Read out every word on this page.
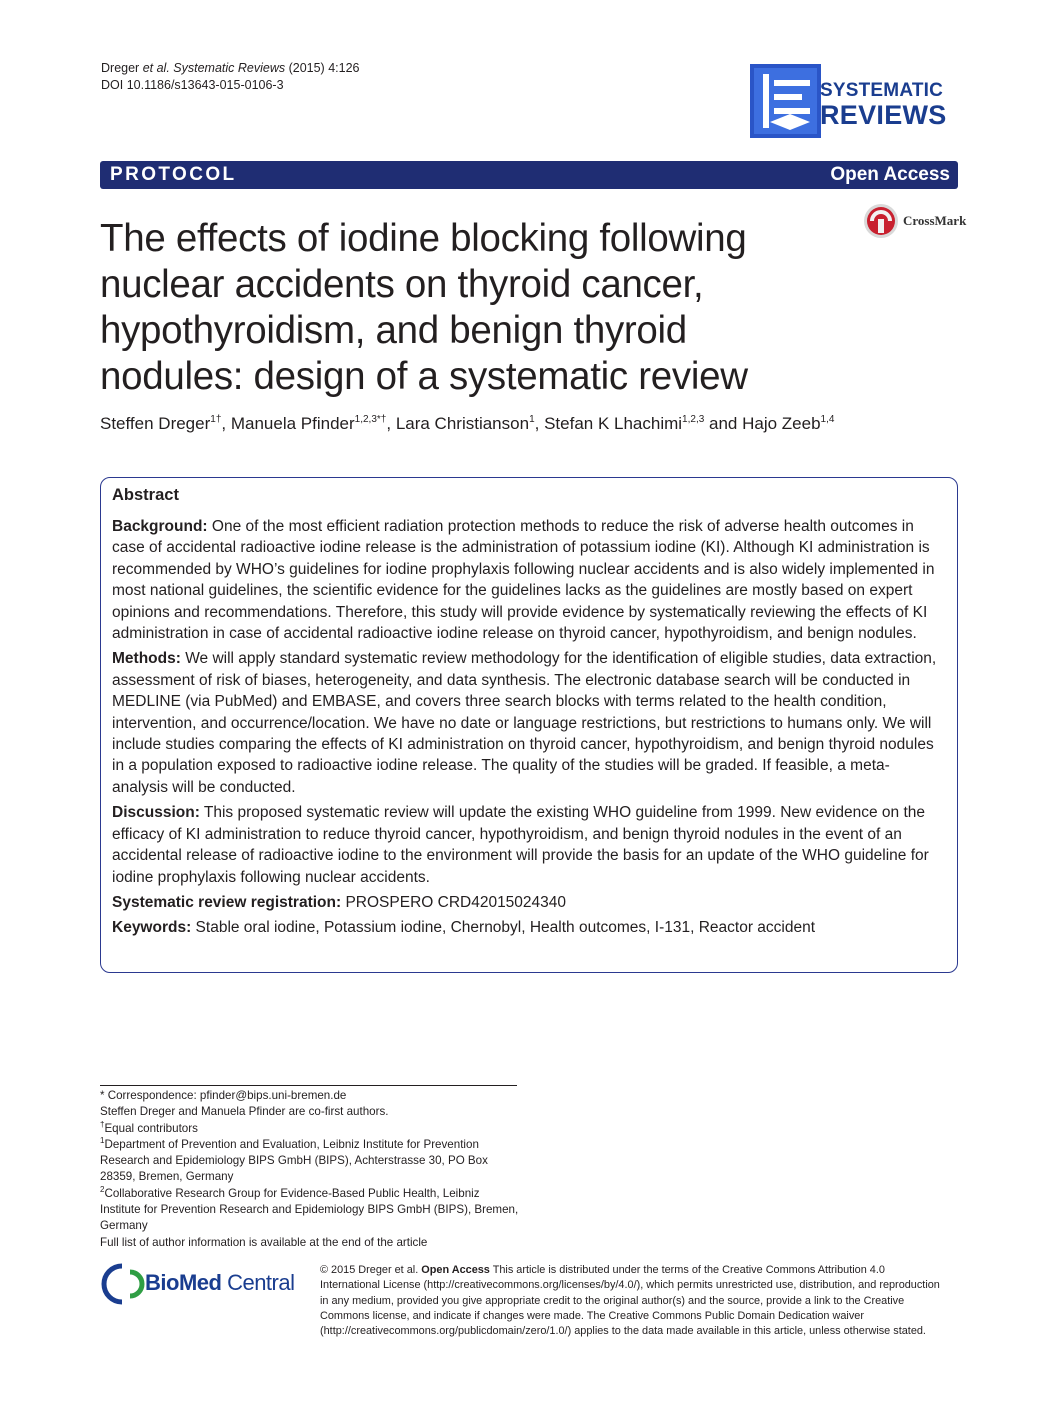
Dreger et al. Systematic Reviews (2015) 4:126
DOI 10.1186/s13643-015-0106-3	SYSTEMATIC
REVIEWS
PROTOCOL	Open Access
CrossMark
The effects of iodine blocking following nuclear accidents on thyroid cancer, hypothyroidism, and benign thyroid nodules: design of a systematic review
Steffen Dreger$^{1\dagger}$, Manuela Pfinder$^{1,2,3*\dagger}$, Lara Christianson$^1$, Stefan K Lhachimi$^{1,2,3}$ and Hajo Zeeb$^{1,4}$
Abstract

Background: One of the most efficient radiation protection methods to reduce the risk of adverse health outcomes in case of accidental radioactive iodine release is the administration of potassium iodine (KI). Although KI administration is recommended by WHO’s guidelines for iodine prophylaxis following nuclear accidents and is also widely implemented in most national guidelines, the scientific evidence for the guidelines lacks as the guidelines are mostly based on expert opinions and recommendations. Therefore, this study will provide evidence by systematically reviewing the effects of KI administration in case of accidental radioactive iodine release on thyroid cancer, hypothyroidism, and benign nodules.

Methods: We will apply standard systematic review methodology for the identification of eligible studies, data extraction, assessment of risk of biases, heterogeneity, and data synthesis. The electronic database search will be conducted in MEDLINE (via PubMed) and EMBASE, and covers three search blocks with terms related to the health condition, intervention, and occurrence/location. We have no date or language restrictions, but restrictions to humans only. We will include studies comparing the effects of KI administration on thyroid cancer, hypothyroidism, and benign thyroid nodules in a population exposed to radioactive iodine release. The quality of the studies will be graded. If feasible, a meta-analysis will be conducted.

Discussion: This proposed systematic review will update the existing WHO guideline from 1999. New evidence on the efficacy of KI administration to reduce thyroid cancer, hypothyroidism, and benign thyroid nodules in the event of an accidental release of radioactive iodine to the environment will provide the basis for an update of the WHO guideline for iodine prophylaxis following nuclear accidents.

Systematic review registration: PROSPERO CRD42015024340

Keywords: Stable oral iodine, Potassium iodine, Chernobyl, Health outcomes, I-131, Reactor accident

* Correspondence: pfinder@bips.uni-bremen.de
Steffen Dreger and Manuela Pfinder are co-first authors.
†Equal contributors
$^1$Department of Prevention and Evaluation, Leibniz Institute for Prevention Research and Epidemiology BIPS GmbH (BIPS), Achterstrasse 30, PO Box 28359, Bremen, Germany
$^2$Collaborative Research Group for Evidence-Based Public Health, Leibniz Institute for Prevention Research and Epidemiology BIPS GmbH (BIPS), Bremen, Germany
Full list of author information is available at the end of the article
BioMed Central © 2015 Dreger et al. Open Access This article is distributed under the terms of the Creative Commons Attribution 4.0 International License (http://creativecommons.org/licenses/by/4.0/), which permits unrestricted use, distribution, and reproduction in any medium, provided you give appropriate credit to the original author(s) and the source, provide a link to the Creative Commons license, and indicate if changes were made. The Creative Commons Public Domain Dedication waiver (http://creativecommons.org/publicdomain/zero/1.0/) applies to the data made available in this article, unless otherwise stated.
